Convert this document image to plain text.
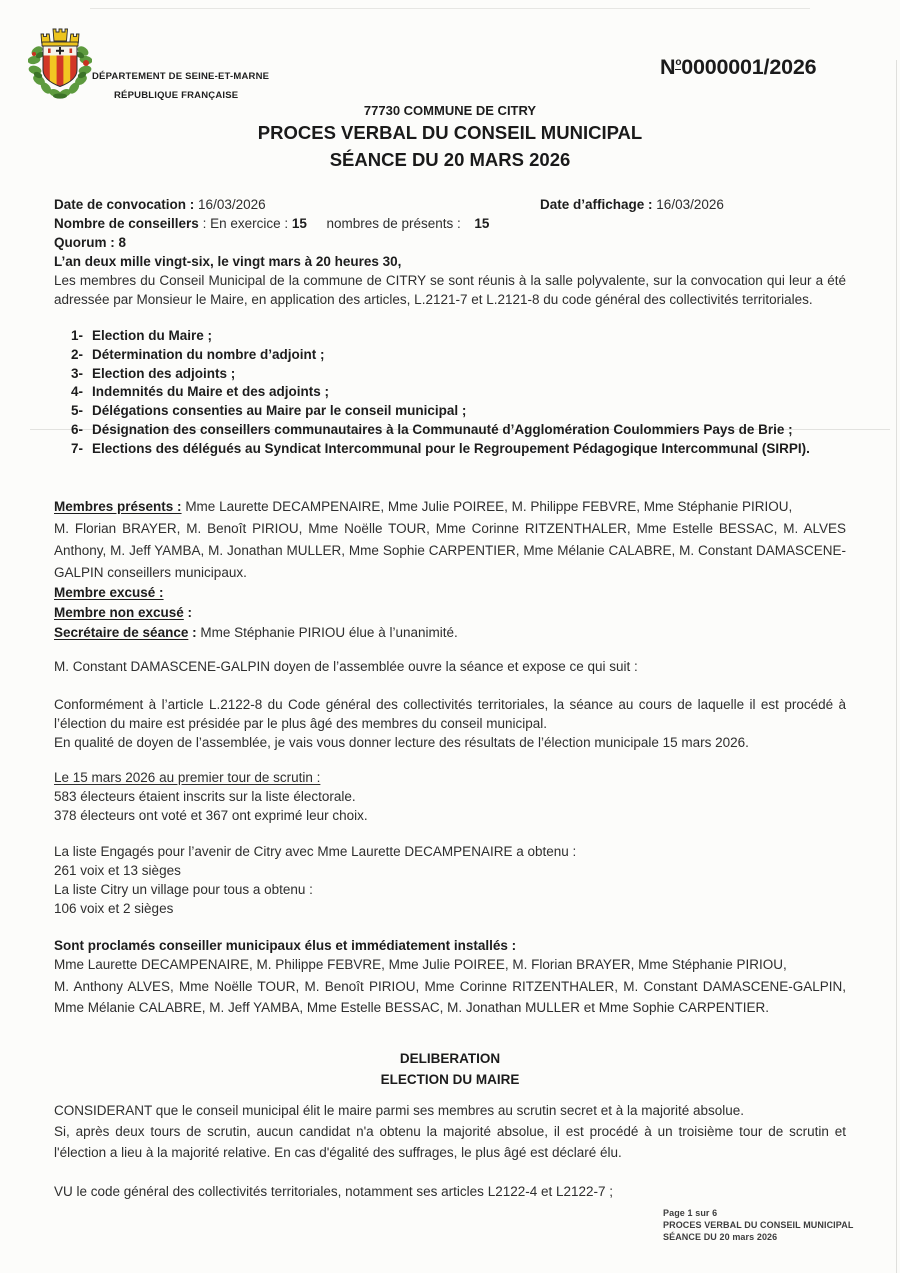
DÉPARTEMENT DE SEINE-ET-MARNE
RÉPUBLIQUE FRANÇAISE
$N^o0000001/2026$
77730 COMMUNE DE CITRY
PROCES VERBAL DU CONSEIL MUNICIPAL
SÉANCE DU 20 MARS 2026
Date de convocation : 16/03/2026	Date d’affichage : 16/03/2026
Nombre de conseillers : En exercice : 15 nombres de présents : 15
Quorum : 8
L’an deux mille vingt-six, le vingt mars à 20 heures 30,

Les membres du Conseil Municipal de la commune de CITRY se sont réunis à la salle polyvalente, sur la convocation qui leur a été adressée par Monsieur le Maire, en application des articles, L.2121-7 et L.2121-8 du code général des collectivités territoriales.

1- Election du Maire ;
2- Détermination du nombre d’adjoint ;
3- Election des adjoints ;
4- Indemnités du Maire et des adjoints ;
5- Délégations consenties au Maire par le conseil municipal ;
6- Désignation des conseillers communautaires à la Communauté d’Agglomération Coulommiers Pays de Brie ;
7- Elections des délégués au Syndicat Intercommunal pour le Regroupement Pédagogique Intercommunal (SIRPI).
Membres présents : Mme Laurette DECAMPENAIRE, Mme Julie POIREE, M. Philippe FEBVRE, Mme Stéphanie PIRIOU,

M. Florian BRAYER, M. Benoît PIRIOU, Mme Noëlle TOUR, Mme Corinne RITZENTHALER, Mme Estelle BESSAC, M. ALVES Anthony, M. Jeff YAMBA, M. Jonathan MULLER, Mme Sophie CARPENTIER, Mme Mélanie CALABRE, M. Constant DAMASCENE-GALPIN conseillers municipaux.

Membre excusé :
Membre non excusé :
Secrétaire de séance : Mme Stéphanie PIRIOU élue à l’unanimité.
M. Constant DAMASCENE-GALPIN doyen de l’assemblée ouvre la séance et expose ce qui suit :

Conformément à l’article L.2122-8 du Code général des collectivités territoriales, la séance au cours de laquelle il est procédé à l’élection du maire est présidée par le plus âgé des membres du conseil municipal.

En qualité de doyen de l’assemblée, je vais vous donner lecture des résultats de l’élection municipale 15 mars 2026.

Le 15 mars 2026 au premier tour de scrutin :
583 électeurs étaient inscrits sur la liste électorale.
378 électeurs ont voté et 367 ont exprimé leur choix.
La liste Engagés pour l’avenir de Citry avec Mme Laurette DECAMPENAIRE a obtenu :
261 voix et 13 sièges
La liste Citry un village pour tous a obtenu :
106 voix et 2 sièges
Sont proclamés conseiller municipaux élus et immédiatement installés :
Mme Laurette DECAMPENAIRE, M. Philippe FEBVRE, Mme Julie POIREE, M. Florian BRAYER, Mme Stéphanie PIRIOU,

M. Anthony ALVES, Mme Noëlle TOUR, M. Benoît PIRIOU, Mme Corinne RITZENTHALER, M. Constant DAMASCENE-GALPIN, Mme Mélanie CALABRE, M. Jeff YAMBA, Mme Estelle BESSAC, M. Jonathan MULLER et Mme Sophie CARPENTIER.

DELIBERATION
ELECTION DU MAIRE
CONSIDERANT que le conseil municipal élit le maire parmi ses membres au scrutin secret et à la majorité absolue.

Si, après deux tours de scrutin, aucun candidat n'a obtenu la majorité absolue, il est procédé à un troisième tour de scrutin et l'élection a lieu à la majorité relative. En cas d'égalité des suffrages, le plus âgé est déclaré élu.

VU le code général des collectivités territoriales, notamment ses articles L2122-4 et L2122-7 ;
Page 1 sur 6
PROCES VERBAL DU CONSEIL MUNICIPAL
SÉANCE DU 20 mars 2026
